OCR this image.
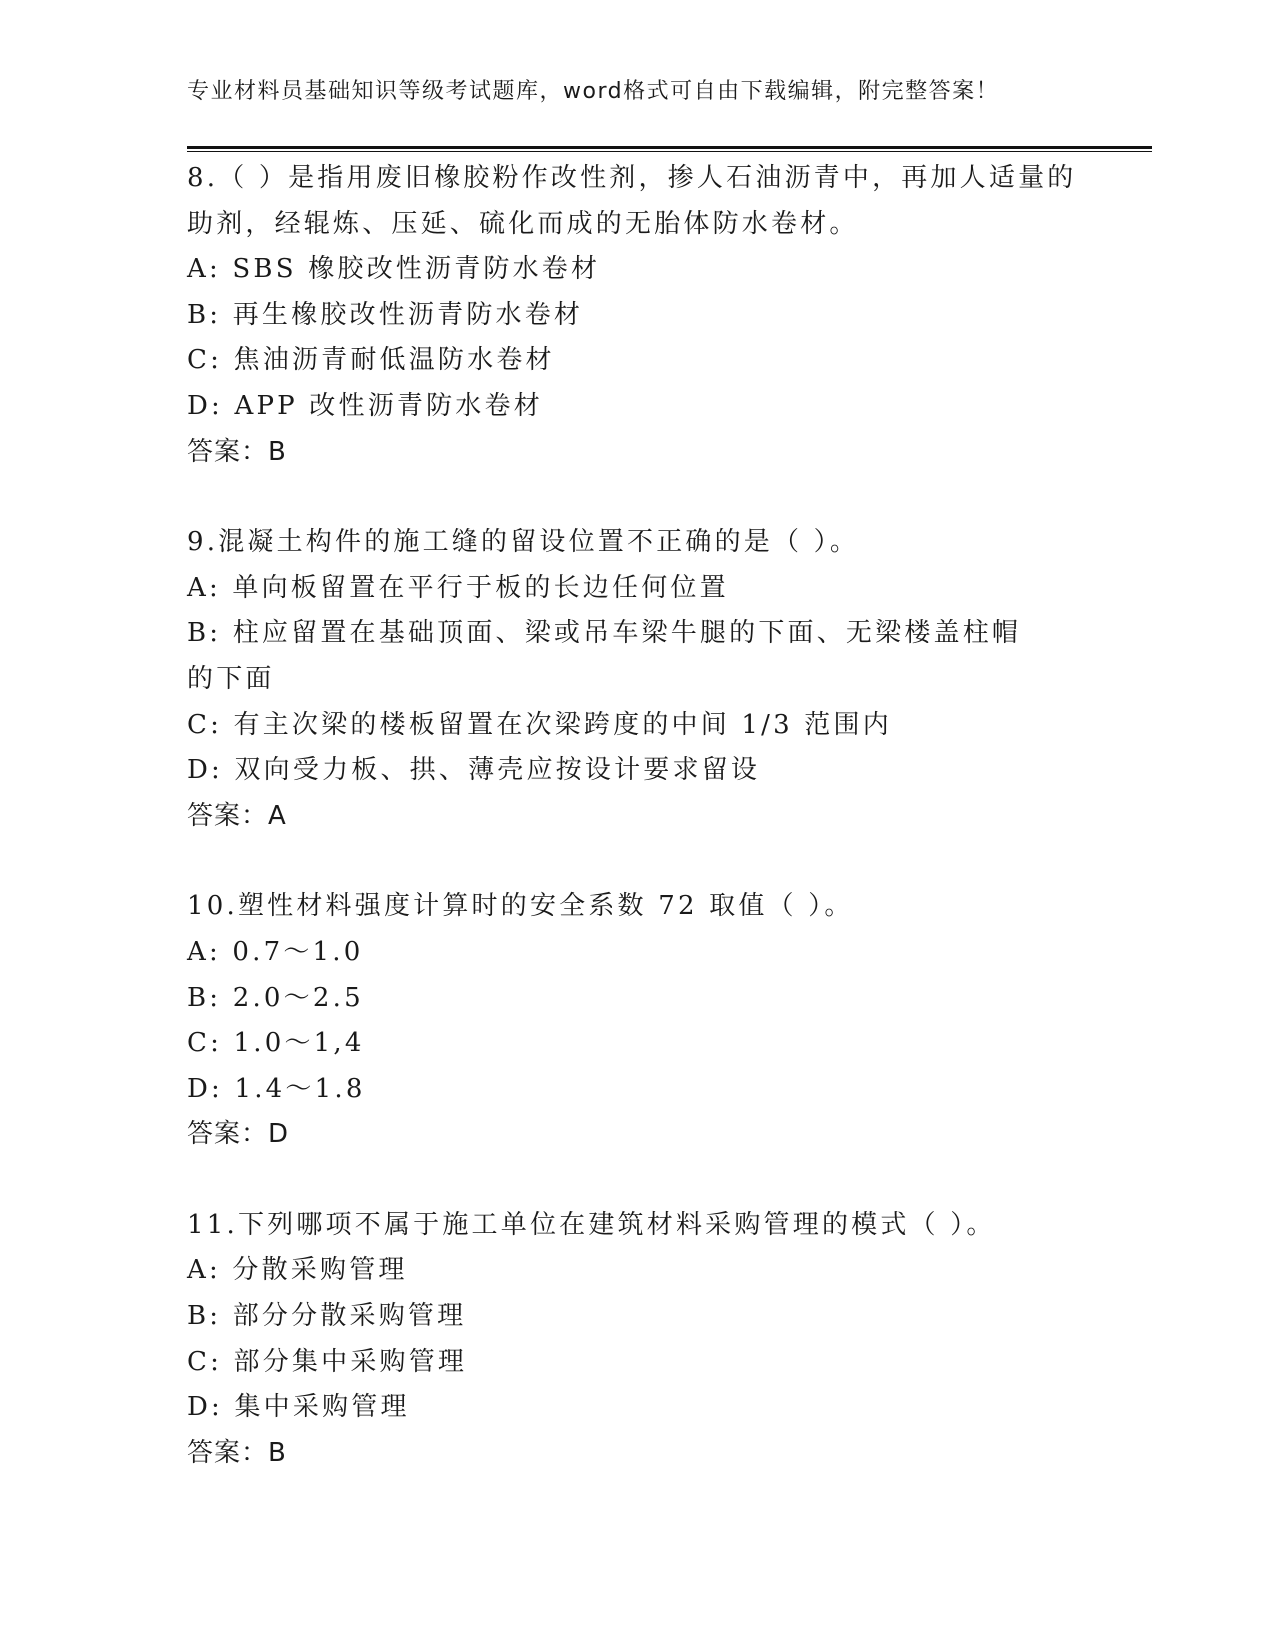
专业材料员基础知识等级考试题库，word格式可自由下载编辑，附完整答案！
8.（ ）是指用废旧橡胶粉作改性剂，掺人石油沥青中，再加人适量的
助剂，经辊炼、压延、硫化而成的无胎体防水卷材。
A: SBS 橡胶改性沥青防水卷材
B: 再生橡胶改性沥青防水卷材
C: 焦油沥青耐低温防水卷材
D: APP 改性沥青防水卷材
答案：B
9.混凝土构件的施工缝的留设位置不正确的是（ ）。
A: 单向板留置在平行于板的长边任何位置
B: 柱应留置在基础顶面、梁或吊车梁牛腿的下面、无梁楼盖柱帽的下面
C: 有主次梁的楼板留置在次梁跨度的中间 1/3 范围内
D: 双向受力板、拱、薄壳应按设计要求留设
答案：A
10.塑性材料强度计算时的安全系数 72 取值（ ）。
A: 0.7～1.0
B: 2.0～2.5
C: 1.0～1,4
D: 1.4～1.8
答案：D
11.下列哪项不属于施工单位在建筑材料采购管理的模式（ ）。
A: 分散采购管理
B: 部分分散采购管理
C: 部分集中采购管理
D: 集中采购管理
答案：B
